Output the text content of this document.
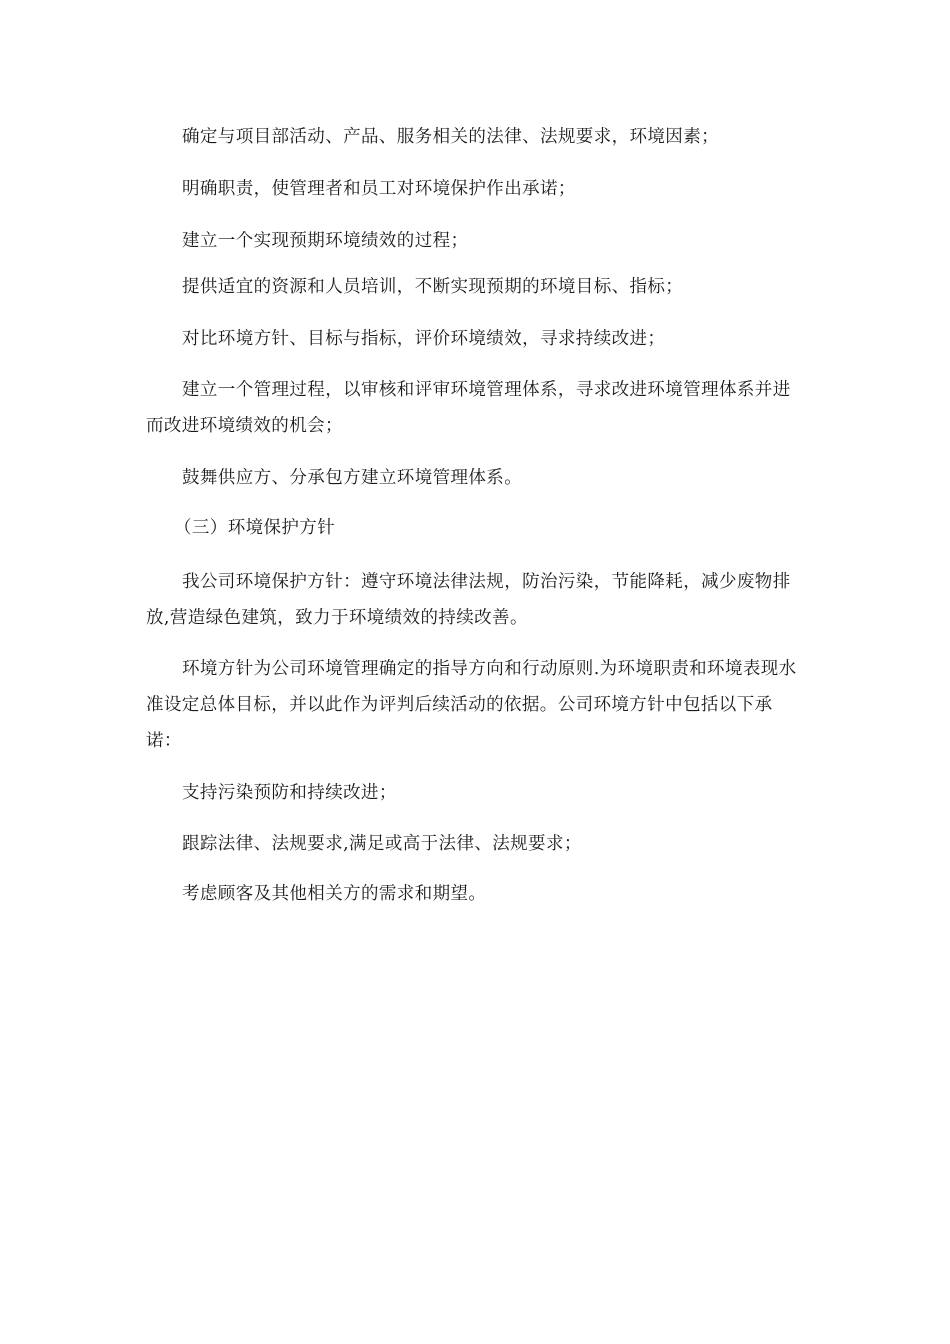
确定与项目部活动、产品、服务相关的法律、法规要求，环境因素；

明确职责，使管理者和员工对环境保护作出承诺；

建立一个实现预期环境绩效的过程；

提供适宜的资源和人员培训，不断实现预期的环境目标、指标；

对比环境方针、目标与指标，评价环境绩效，寻求持续改进；

建立一个管理过程，以审核和评审环境管理体系，寻求改进环境管理体系并进而改进环境绩效的机会；

鼓舞供应方、分承包方建立环境管理体系。

（三）环境保护方针

我公司环境保护方针：遵守环境法律法规，防治污染，节能降耗，减少废物排放,营造绿色建筑，致力于环境绩效的持续改善。

环境方针为公司环境管理确定的指导方向和行动原则.为环境职责和环境表现水准设定总体目标，并以此作为评判后续活动的依据。公司环境方针中包括以下承诺：

支持污染预防和持续改进；

跟踪法律、法规要求,满足或高于法律、法规要求；

考虑顾客及其他相关方的需求和期望。
